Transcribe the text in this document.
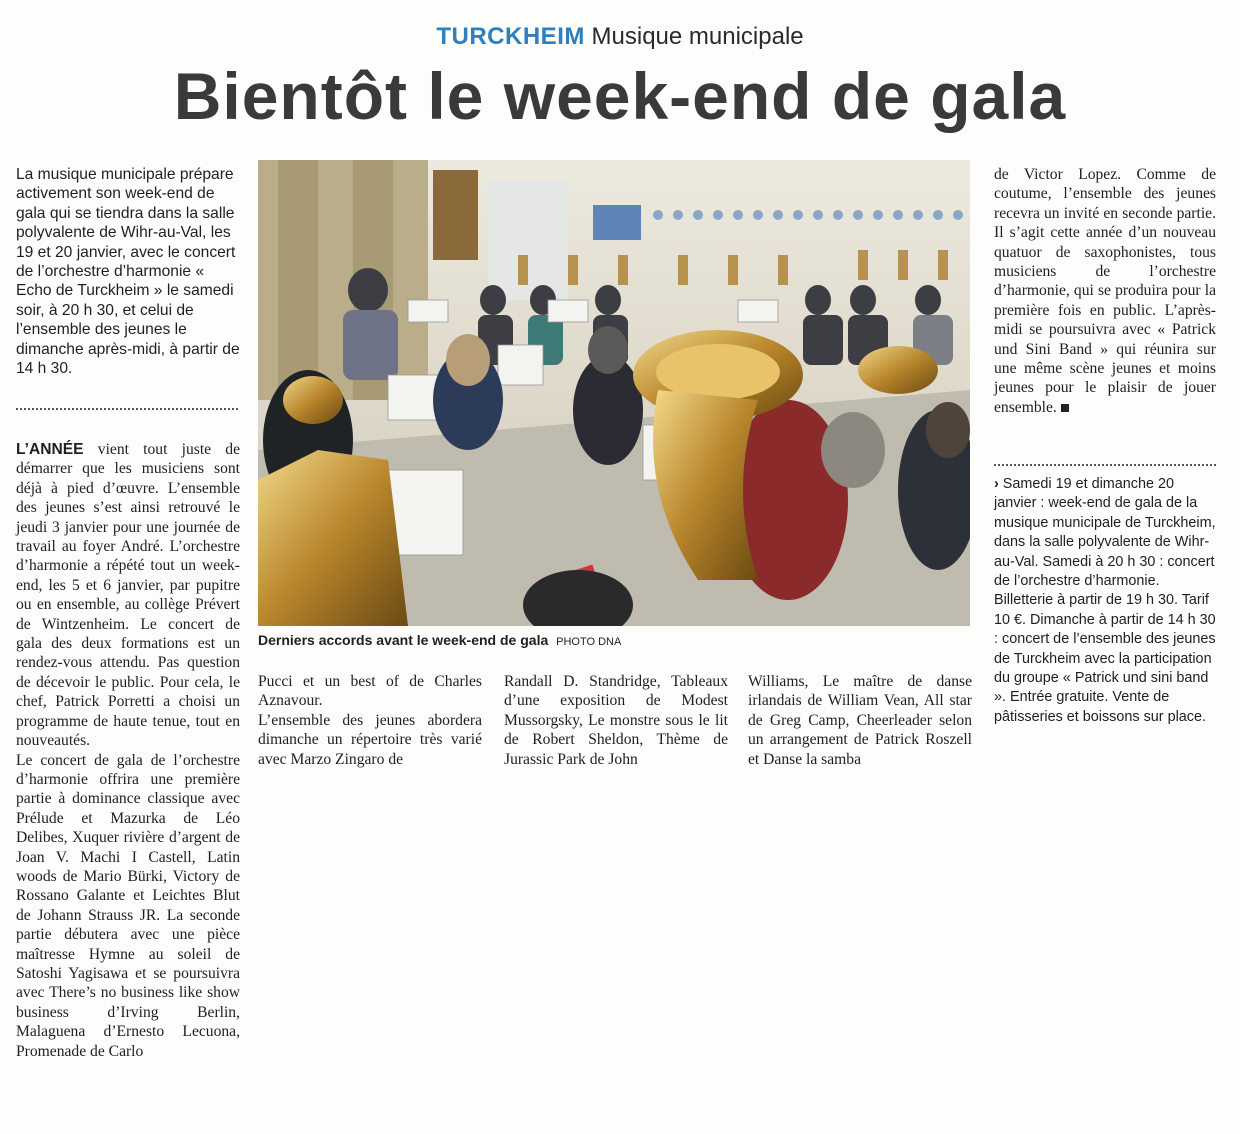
TURCKHEIM Musique municipale
Bientôt le week-end de gala
La musique municipale prépare activement son week-end de gala qui se tiendra dans la salle polyvalente de Wihr-au-Val, les 19 et 20 janvier, avec le concert de l’orchestre d’harmonie « Echo de Turckheim » le samedi soir, à 20 h 30, et celui de l’ensemble des jeunes le dimanche après-midi, à partir de 14 h 30.

L’ANNÉE vient tout juste de démarrer que les musiciens sont déjà à pied d’œuvre. L’ensemble des jeunes s’est ainsi retrouvé le jeudi 3 janvier pour une journée de travail au foyer André. L’orchestre d’harmonie a répété tout un week-end, les 5 et 6 janvier, par pupitre ou en ensemble, au collège Prévert de Wintzenheim. Le concert de gala des deux formations est un rendez-vous attendu. Pas question de décevoir le public. Pour cela, le chef, Patrick Porretti a choisi un programme de haute tenue, tout en nouveautés.

Le concert de gala de l’orchestre d’harmonie offrira une première partie à dominance classique avec Prélude et Mazurka de Léo Delibes, Xuquer rivière d’argent de Joan V. Machi I Castell, Latin woods de Mario Bürki, Victory de Rossano Galante et Leichtes Blut de Johann Strauss JR. La seconde partie débutera avec une pièce maîtresse Hymne au soleil de Satoshi Yagisawa et se poursuivra avec There’s no business like show business d’Irving Berlin, Malaguena d’Ernesto Lecuona, Promenade de Carlo

Derniers accords avant le week-end de gala PHOTO DNA

Pucci et un best of de Charles Aznavour.

L’ensemble des jeunes abordera dimanche un répertoire très varié avec Marzo Zingaro de

Randall D. Standridge, Tableaux d’une exposition de Modest Mussorgsky, Le monstre sous le lit de Robert Sheldon, Thème de Jurassic Park de John

Williams, Le maître de danse irlandais de William Vean, All star de Greg Camp, Cheerleader selon un arrangement de Patrick Roszell et Danse la samba

de Victor Lopez. Comme de coutume, l’ensemble des jeunes recevra un invité en seconde partie. Il s’agit cette année d’un nouveau quatuor de saxophonistes, tous musiciens de l’orchestre d’harmonie, qui se produira pour la première fois en public. L’après-midi se poursuivra avec « Patrick und Sini Band » qui réunira sur une même scène jeunes et moins jeunes pour le plaisir de jouer ensemble.

› Samedi 19 et dimanche 20 janvier : week-end de gala de la musique municipale de Turckheim, dans la salle polyvalente de Wihr-au-Val. Samedi à 20 h 30 : concert de l’orchestre d’harmonie. Billetterie à partir de 19 h 30. Tarif 10 €. Dimanche à partir de 14 h 30 : concert de l’ensemble des jeunes de Turckheim avec la participation du groupe « Patrick und sini band ». Entrée gratuite. Vente de pâtisseries et boissons sur place.
